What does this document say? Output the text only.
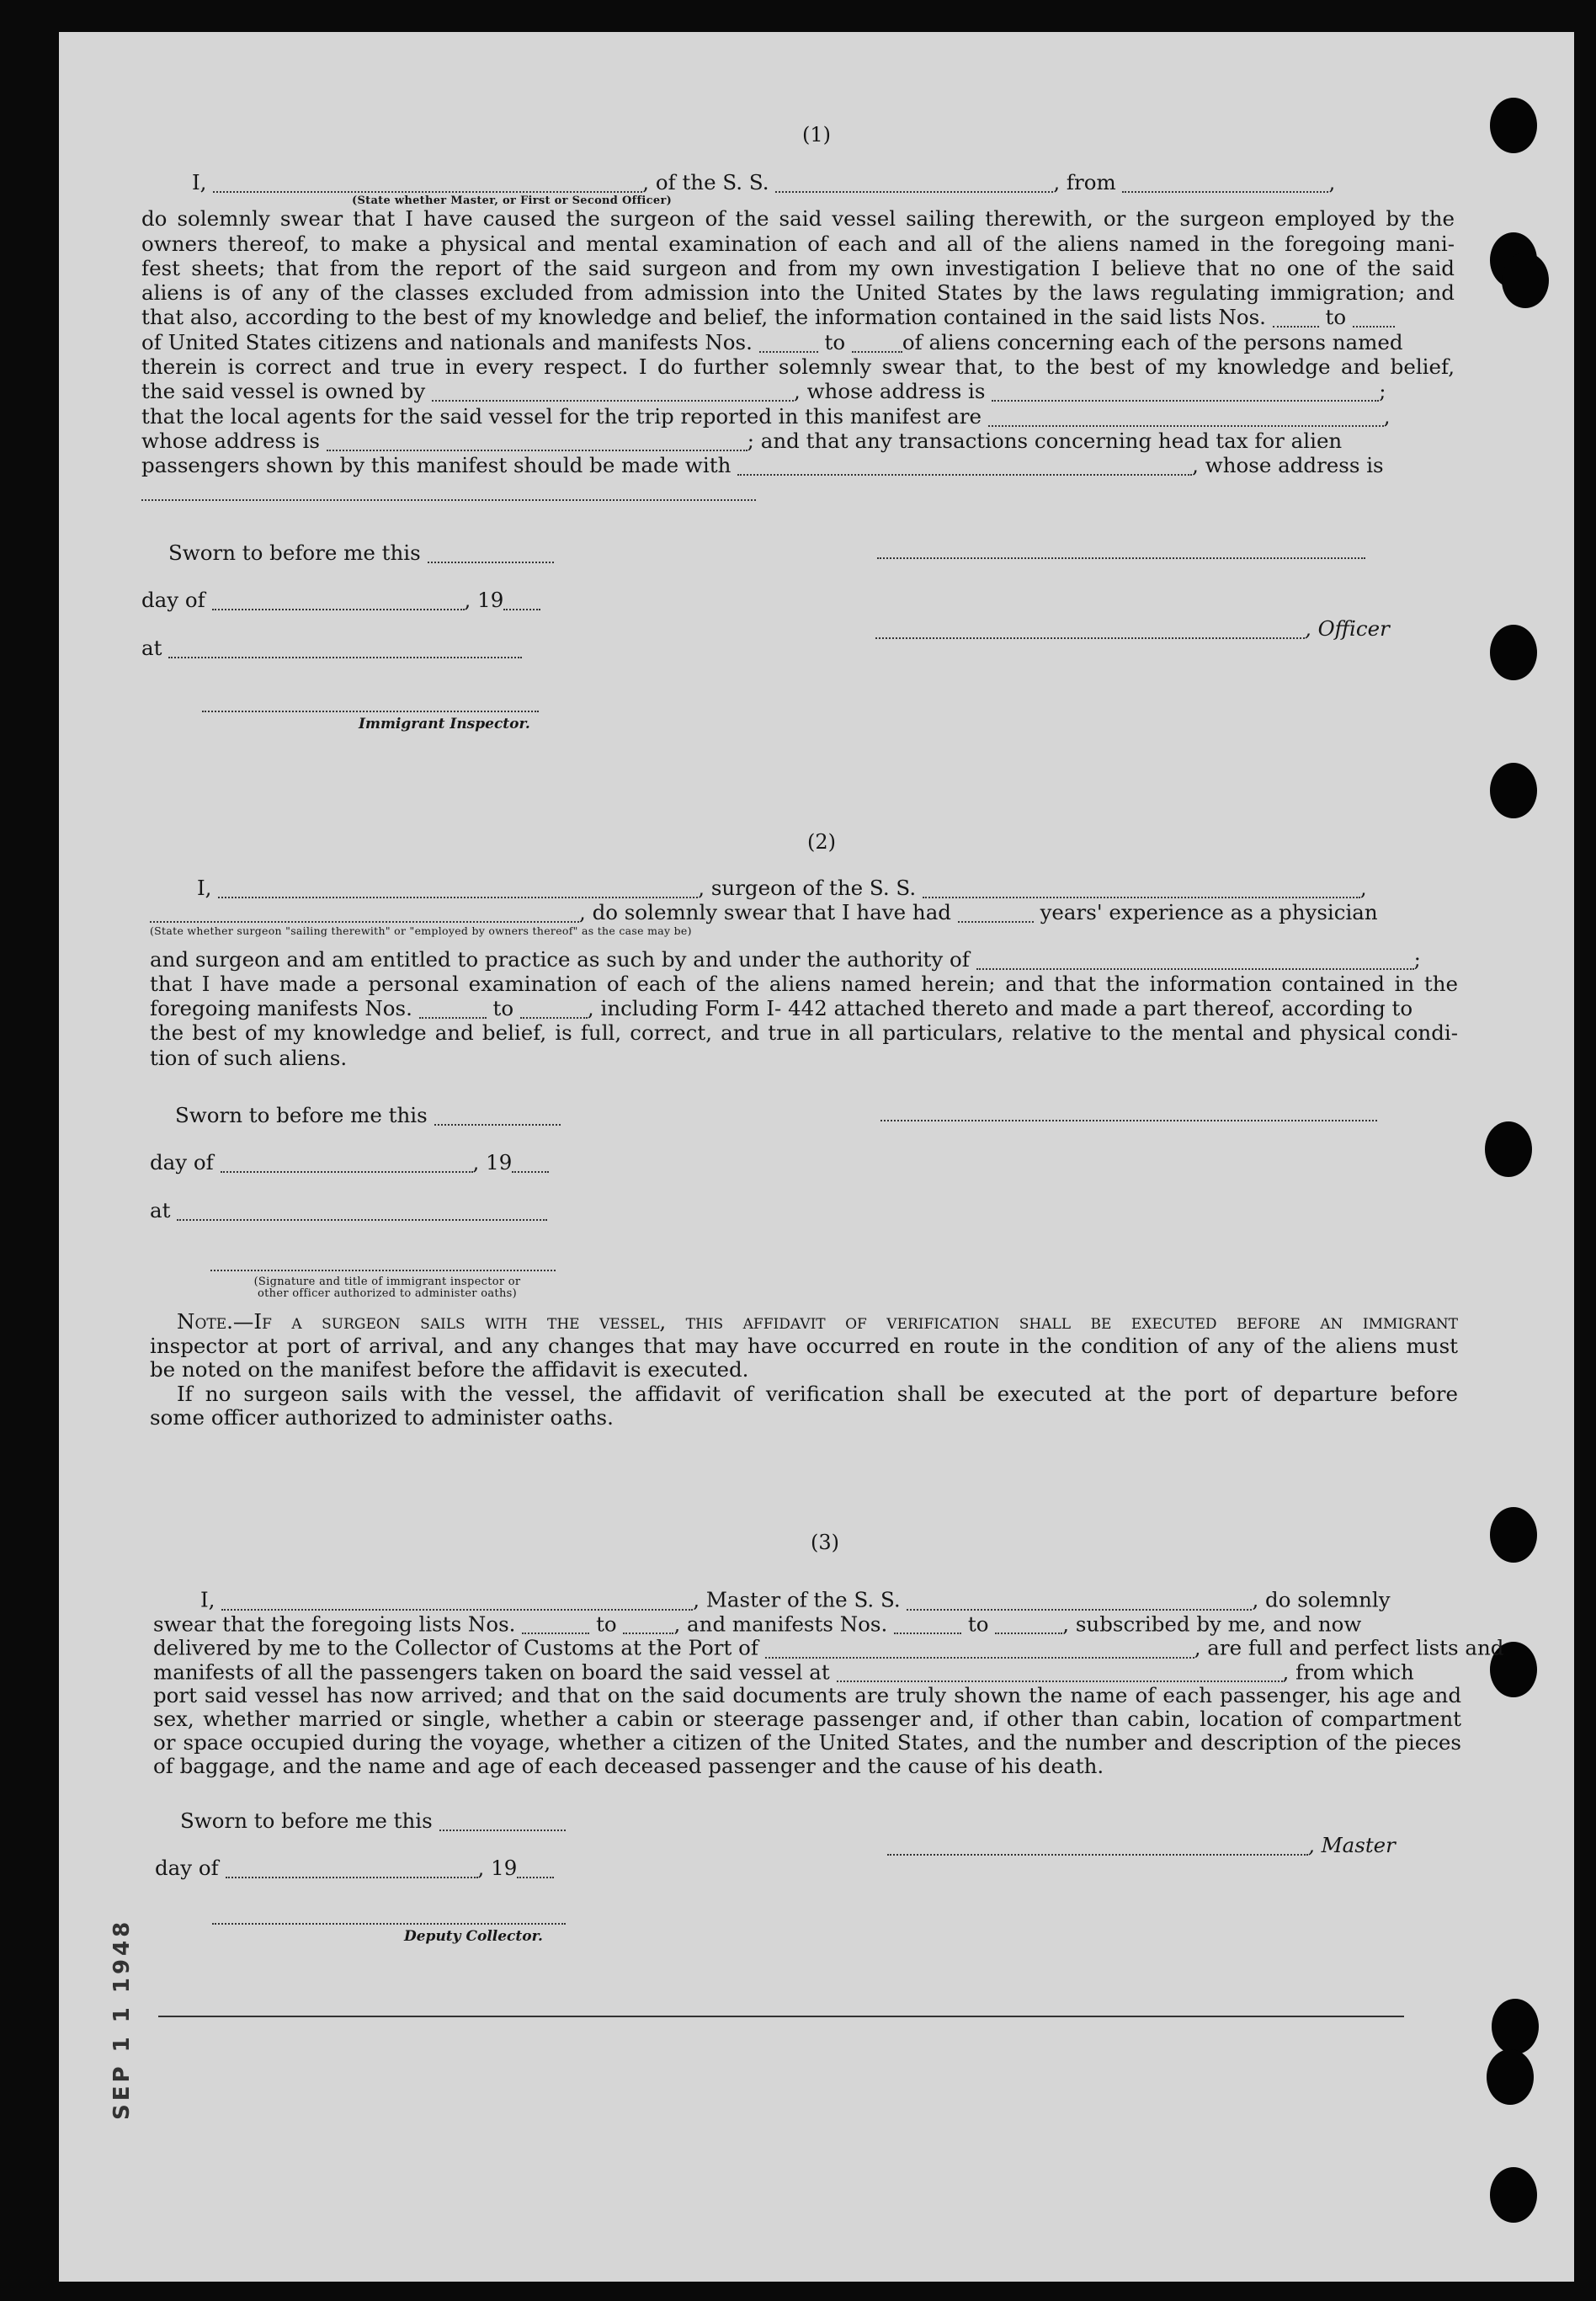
(1)
I,	, of the S. S.	, from	,
(State whether Master, or First or Second Officer)
do solemnly swear that I have caused the surgeon of the said vessel sailing therewith, or the surgeon employed by the
owners thereof, to make a physical and mental examination of each and all of the aliens named in the foregoing mani-
fest sheets; that from the report of the said surgeon and from my own investigation I believe that no one of the said
aliens is of any of the classes excluded from admission into the United States by the laws regulating immigration; and
that also, according to the best of my knowledge and belief, the information contained in the said lists Nos.	to
of United States citizens and nationals and manifests Nos.	to	of aliens concerning each of the persons named
therein is correct and true in every respect. I do further solemnly swear that, to the best of my knowledge and belief,
the said vessel is owned by	, whose address is	;
that the local agents for the said vessel for the trip reported in this manifest are	,
whose address is	; and that any transactions concerning head tax for alien
passengers shown by this manifest should be made with	, whose address is
Sworn to before me this
day of	, 19
at
, Officer
Immigrant Inspector.
(2)
I,	, surgeon of the S. S.	,
, do solemnly swear that I have had	years' experience as a physician
(State whether surgeon "sailing therewith" or "employed by owners thereof" as the case may be)
and surgeon and am entitled to practice as such by and under the authority of	;
that I have made a personal examination of each of the aliens named herein; and that the information contained in the
foregoing manifests Nos.	to	, including Form I- 442 attached thereto and made a part thereof, according to
the best of my knowledge and belief, is full, correct, and true in all particulars, relative to the mental and physical condi-
tion of such aliens.
Sworn to before me this
day of	, 19
at
(Signature and title of immigrant inspector or
other officer authorized to administer oaths)
Note.—If a surgeon sails with the vessel, this affidavit of verification shall be executed before an immigrant
inspector at port of arrival, and any changes that may have occurred en route in the condition of any of the aliens must
be noted on the manifest before the affidavit is executed.
If no surgeon sails with the vessel, the affidavit of verification shall be executed at the port of departure before
some officer authorized to administer oaths.
(3)
I,	, Master of the S. S.	, do solemnly
swear that the foregoing lists Nos.	to	, and manifests Nos.	to	, subscribed by me, and now
delivered by me to the Collector of Customs at the Port of	, are full and perfect lists and
manifests of all the passengers taken on board the said vessel at	, from which
port said vessel has now arrived; and that on the said documents are truly shown the name of each passenger, his age and
sex, whether married or single, whether a cabin or steerage passenger and, if other than cabin, location of compartment
or space occupied during the voyage, whether a citizen of the United States, and the number and description of the pieces
of baggage, and the name and age of each deceased passenger and the cause of his death.
Sworn to before me this
day of	, 19
, Master
Deputy Collector.
SEP 1 1 1948
